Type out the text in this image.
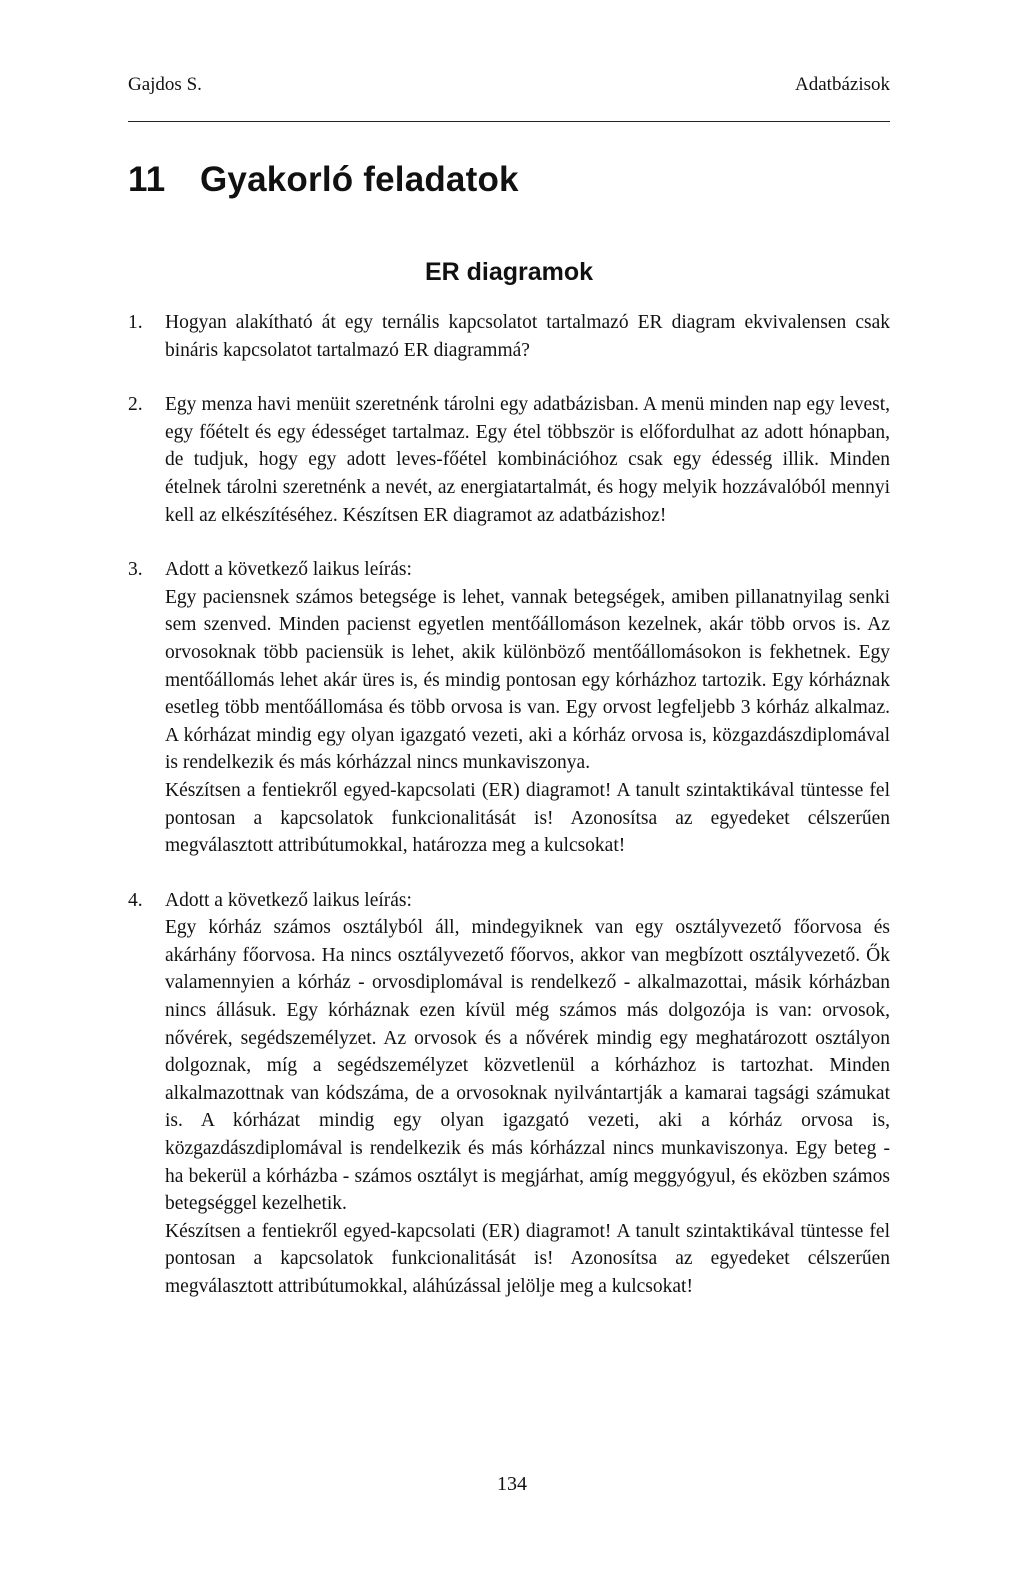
Gajdos S.	Adatbázisok
11 Gyakorló feladatok
ER diagramok
1.	Hogyan alakítható át egy ternális kapcsolatot tartalmazó ER diagram ekvivalensen csak bináris kapcsolatot tartalmazó ER diagrammá?

2.	Egy menza havi menüit szeretnénk tárolni egy adatbázisban. A menü minden nap egy levest, egy főételt és egy édességet tartalmaz. Egy étel többször is előfordulhat az adott hónapban, de tudjuk, hogy egy adott leves-főétel kombinációhoz csak egy édesség illik. Minden ételnek tárolni szeretnénk a nevét, az energiatartalmát, és hogy melyik hozzávalóból mennyi kell az elkészítéséhez. Készítsen ER diagramot az adatbázishoz!

3.	Adott a következő laikus leírás:

Egy paciensnek számos betegsége is lehet, vannak betegségek, amiben pillanatnyilag senki sem szenved. Minden pacienst egyetlen mentőállomáson kezelnek, akár több orvos is. Az orvosoknak több paciensük is lehet, akik különböző mentőállomásokon is fekhetnek. Egy mentőállomás lehet akár üres is, és mindig pontosan egy kórházhoz tartozik. Egy kórháznak esetleg több mentőállomása és több orvosa is van. Egy orvost legfeljebb 3 kórház alkalmaz. A kórházat mindig egy olyan igazgató vezeti, aki a kórház orvosa is, közgazdászdiplomával is rendelkezik és más kórházzal nincs munkaviszonya.

Készítsen a fentiekről egyed-kapcsolati (ER) diagramot! A tanult szintaktikával tüntesse fel pontosan a kapcsolatok funkcionalitását is! Azonosítsa az egyedeket célszerűen megválasztott attribútumokkal, határozza meg a kulcsokat!

4.	Adott a következő laikus leírás:

Egy kórház számos osztályból áll, mindegyiknek van egy osztályvezető főorvosa és akárhány főorvosa. Ha nincs osztályvezető főorvos, akkor van megbízott osztályvezető. Ők valamennyien a kórház - orvosdiplomával is rendelkező - alkalmazottai, másik kórházban nincs állásuk. Egy kórháznak ezen kívül még számos más dolgozója is van: orvosok, nővérek, segédszemélyzet. Az orvosok és a nővérek mindig egy meghatározott osztályon dolgoznak, míg a segédszemélyzet közvetlenül a kórházhoz is tartozhat. Minden alkalmazottnak van kódszáma, de a orvosoknak nyilvántartják a kamarai tagsági számukat is. A kórházat mindig egy olyan igazgató vezeti, aki a kórház orvosa is, közgazdászdiplomával is rendelkezik és más kórházzal nincs munkaviszonya. Egy beteg - ha bekerül a kórházba - számos osztályt is megjárhat, amíg meggyógyul, és eközben számos betegséggel kezelhetik.

Készítsen a fentiekről egyed-kapcsolati (ER) diagramot! A tanult szintaktikával tüntesse fel pontosan a kapcsolatok funkcionalitását is! Azonosítsa az egyedeket célszerűen megválasztott attribútumokkal, aláhúzással jelölje meg a kulcsokat!

134
